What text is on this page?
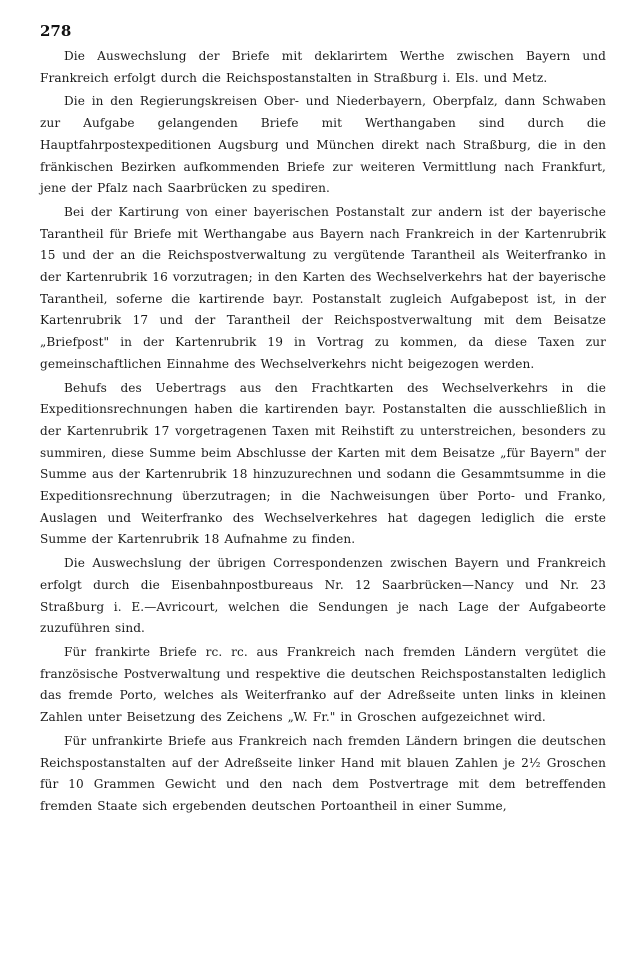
278

Die Auswechslung der Briefe mit deklarirtem Werthe zwischen Bayern und Frankreich erfolgt durch die Reichspostanstalten in Straßburg i. Els. und Metz.

Die in den Regierungskreisen Ober- und Niederbayern, Oberpfalz, dann Schwaben zur Aufgabe gelangenden Briefe mit Werthangaben sind durch die Hauptfahrpostexpeditionen Augsburg und München direkt nach Straßburg, die in den fränkischen Bezirken aufkommenden Briefe zur weiteren Vermittlung nach Frankfurt, jene der Pfalz nach Saarbrücken zu spediren.

Bei der Kartirung von einer bayerischen Postanstalt zur andern ist der bayerische Tarantheil für Briefe mit Werthangabe aus Bayern nach Frankreich in der Kartenrubrik 15 und der an die Reichspostverwaltung zu vergütende Tarantheil als Weiterfranko in der Kartenrubrik 16 vorzutragen; in den Karten des Wechselverkehrs hat der bayerische Tarantheil, soferne die kartirende bayr. Postanstalt zugleich Aufgabepost ist, in der Kartenrubrik 17 und der Tarantheil der Reichspostverwaltung mit dem Beisatze „Briefpost" in der Kartenrubrik 19 in Vortrag zu kommen, da diese Taxen zur gemeinschaftlichen Einnahme des Wechselverkehrs nicht beigezogen werden.

Behufs des Uebertrags aus den Frachtkarten des Wechselverkehrs in die Expeditionsrechnungen haben die kartirenden bayr. Postanstalten die ausschließlich in der Kartenrubrik 17 vorgetragenen Taxen mit Reihstift zu unterstreichen, besonders zu summiren, diese Summe beim Abschlusse der Karten mit dem Beisatze „für Bayern" der Summe aus der Kartenrubrik 18 hinzuzurechnen und sodann die Gesammtsumme in die Expeditionsrechnung überzutragen; in die Nachweisungen über Porto- und Franko, Auslagen und Weiterfranko des Wechselverkehres hat dagegen lediglich die erste Summe der Kartenrubrik 18 Aufnahme zu finden.

Die Auswechslung der übrigen Correspondenzen zwischen Bayern und Frankreich erfolgt durch die Eisenbahnpostbureaus Nr. 12 Saarbrücken—Nancy und Nr. 23 Straßburg i. E.—Avricourt, welchen die Sendungen je nach Lage der Aufgabeorte zuzuführen sind.

Für frankirte Briefe rc. rc. aus Frankreich nach fremden Ländern vergütet die französische Postverwaltung und respektive die deutschen Reichspostanstalten lediglich das fremde Porto, welches als Weiterfranko auf der Adreßseite unten links in kleinen Zahlen unter Beisetzung des Zeichens „W. Fr." in Groschen aufgezeichnet wird.

Für unfrankirte Briefe aus Frankreich nach fremden Ländern bringen die deutschen Reichspostanstalten auf der Adreßseite linker Hand mit blauen Zahlen je 2½ Groschen für 10 Grammen Gewicht und den nach dem Postvertrage mit dem betreffenden fremden Staate sich ergebenden deutschen Portoantheil in einer Summe,
